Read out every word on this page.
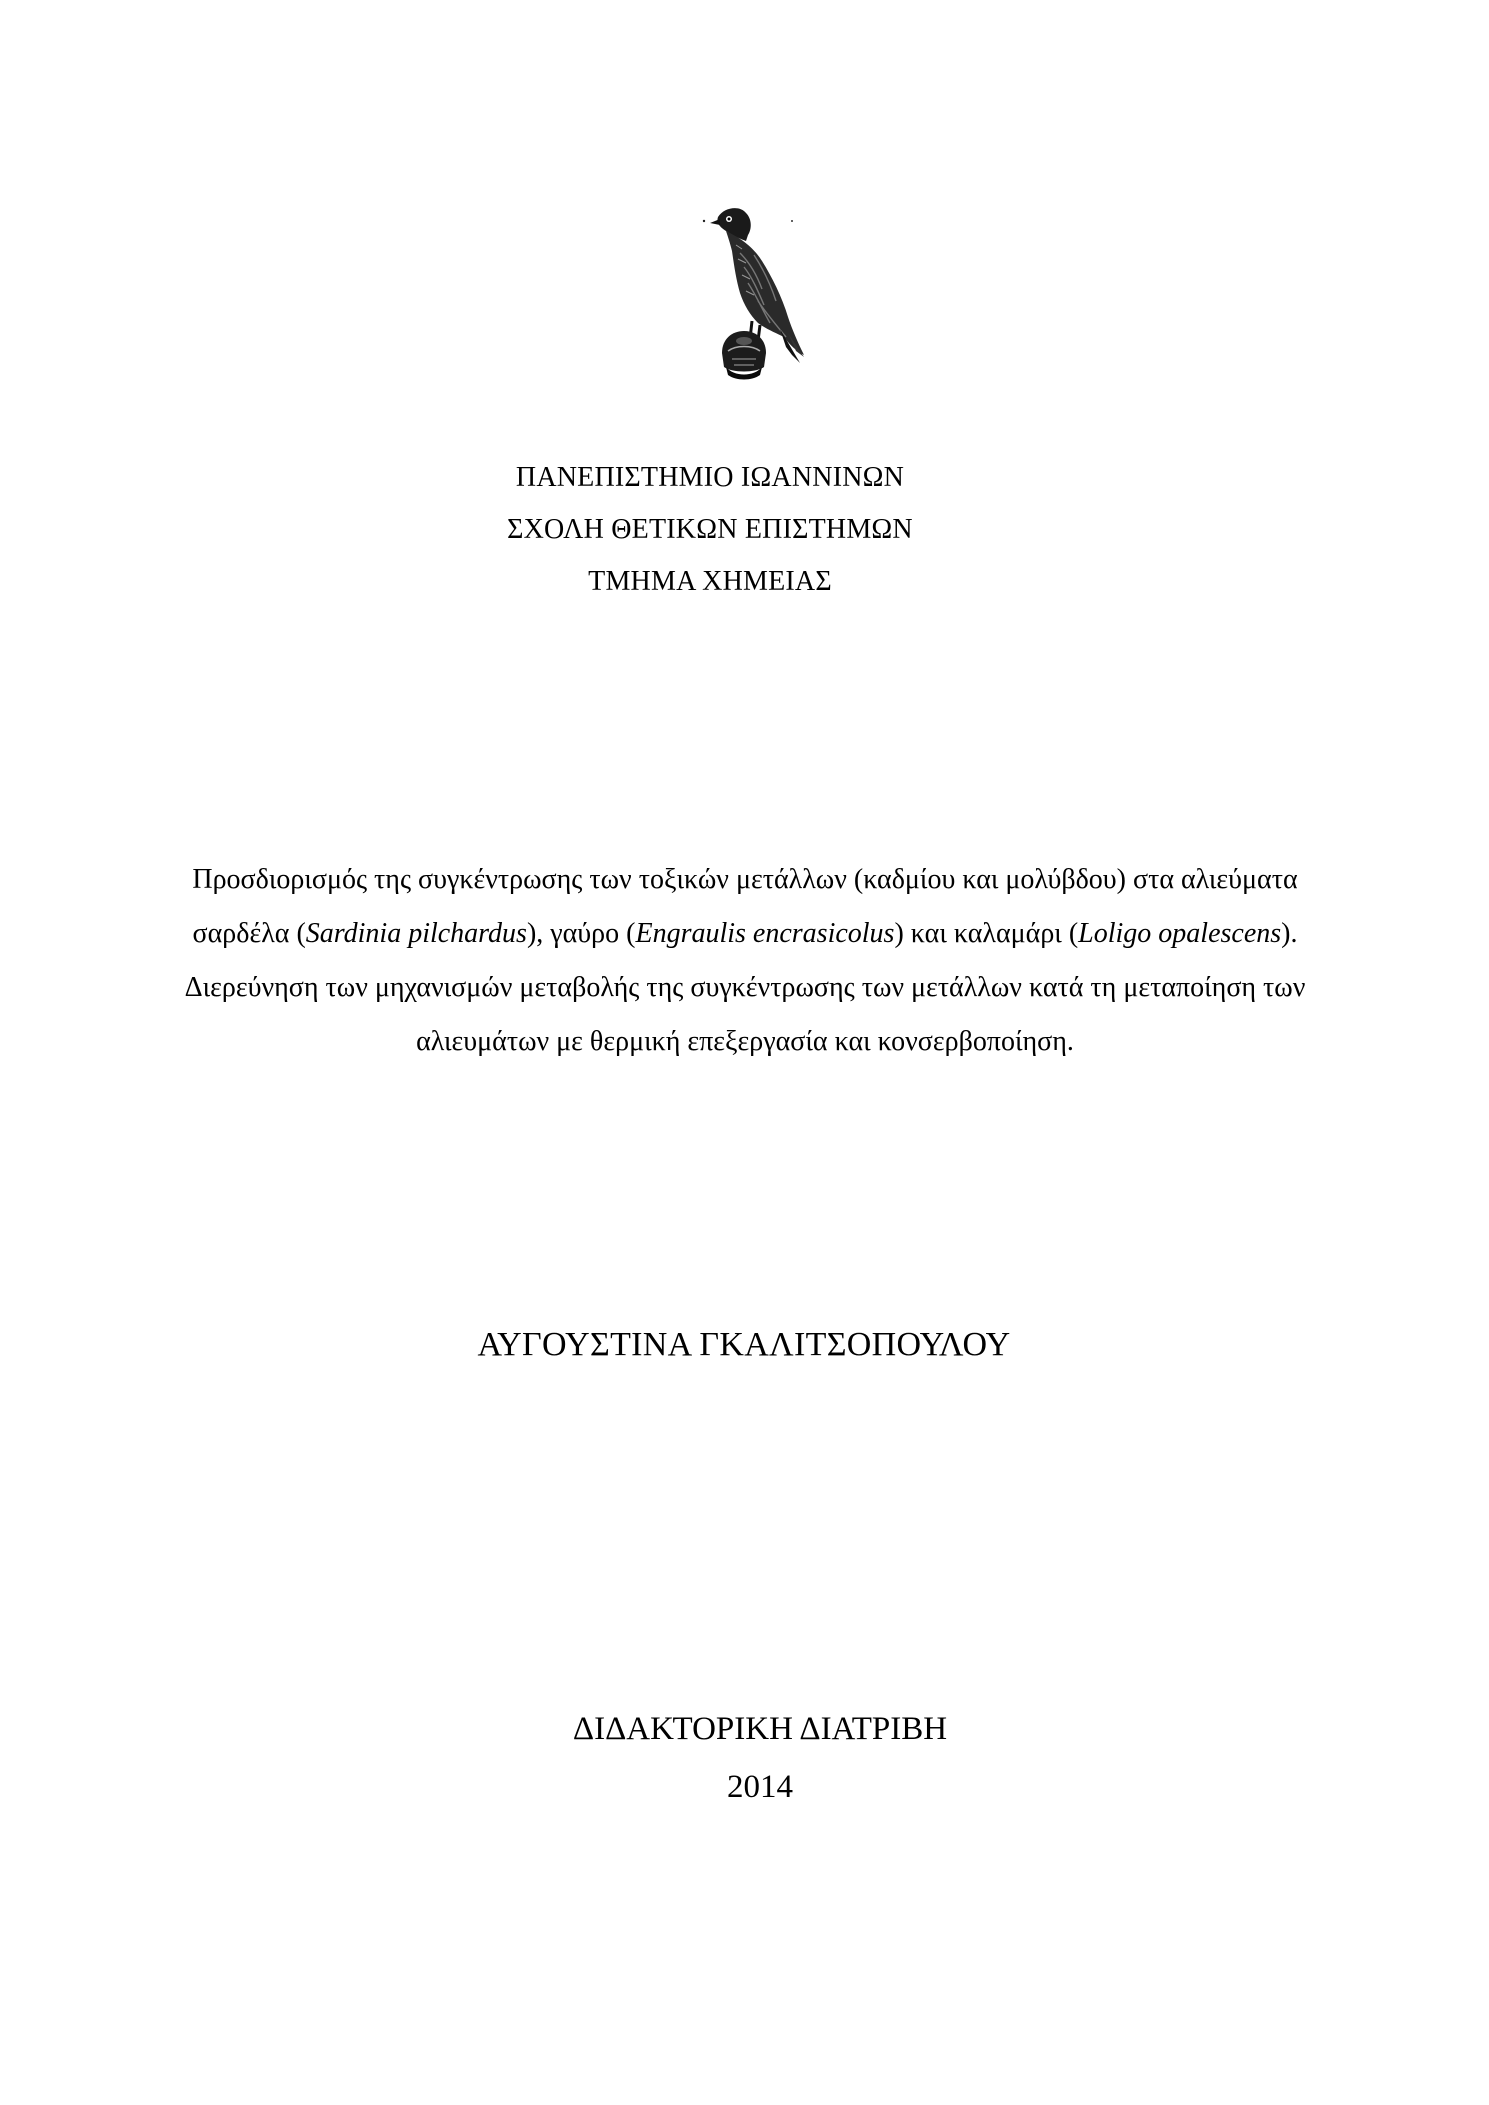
ΠΑΝΕΠΙΣΤΗΜΙΟ ΙΩΑΝΝΙΝΩΝ
ΣΧΟΛΗ ΘΕΤΙΚΩΝ ΕΠΙΣΤΗΜΩΝ
ΤΜΗΜΑ ΧΗΜΕΙΑΣ
Προσδιορισμός της συγκέντρωσης των τοξικών μετάλλων (καδμίου και μολύβδου) στα αλιεύματα σαρδέλα (Sardinia pilchardus), γαύρο (Engraulis encrasicolus) και καλαμάρι (Loligo opalescens). Διερεύνηση των μηχανισμών μεταβολής της συγκέντρωσης των μετάλλων κατά τη μεταποίηση των αλιευμάτων με θερμική επεξεργασία και κονσερβοποίηση.
ΑΥΓΟΥΣΤΙΝΑ ΓΚΑΛΙΤΣΟΠΟΥΛΟΥ
ΔΙΔΑΚΤΟΡΙΚΗ ΔΙΑΤΡΙΒΗ
2014
